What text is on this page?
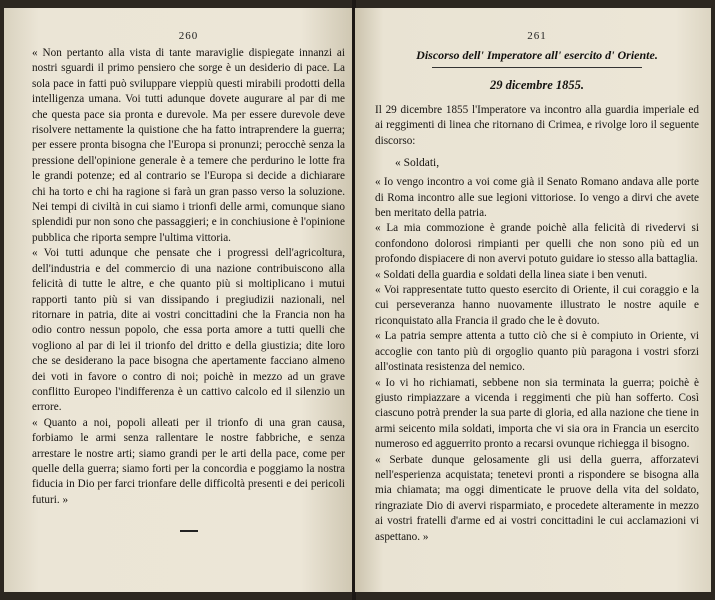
260

« Non pertanto alla vista di tante maraviglie dispiegate innanzi ai nostri sguardi il primo pensiero che sorge è un desiderio di pace. La sola pace in fatti può sviluppare vieppiù questi mirabili prodotti della intelligenza umana. Voi tutti adunque dovete augurare al par di me che questa pace sia pronta e durevole. Ma per essere durevole deve risolvere nettamente la quistione che ha fatto intraprendere la guerra; per essere pronta bisogna che l'Europa si pronunzi; perocchè senza la pressione dell'opinione generale è a temere che perdurino le lotte fra le grandi potenze; ed al contrario se l'Europa si decide a dichiarare chi ha torto e chi ha ragione si farà un gran passo verso la soluzione. Nei tempi di civiltà in cui siamo i trionfi delle armi, comunque siano splendidi pur non sono che passaggieri; e in conchiusione è l'opinione pubblica che riporta sempre l'ultima vittoria.

« Voi tutti adunque che pensate che i progressi dell'agricoltura, dell'industria e del commercio di una nazione contribuiscono alla felicità di tutte le altre, e che quanto più si moltiplicano i mutui rapporti tanto più si van dissipando i pregiudizii nazionali, nel ritornare in patria, dite ai vostri concittadini che la Francia non ha odio contro nessun popolo, che essa porta amore a tutti quelli che vogliono al par di lei il trionfo del dritto e della giustizia; dite loro che se desiderano la pace bisogna che apertamente facciano almeno dei voti in favore o contro di noi; poichè in mezzo ad un grave conflitto Europeo l'indifferenza è un cattivo calcolo ed il silenzio un errore.

« Quanto a noi, popoli alleati per il trionfo di una gran causa, forbiamo le armi senza rallentare le nostre fabbriche, e senza arrestare le nostre arti; siamo grandi per le arti della pace, come per quelle della guerra; siamo forti per la concordia e poggiamo la nostra fiducia in Dio per farci trionfare delle difficoltà presenti e dei pericoli futuri. »

261
Discorso dell' Imperatore all' esercito d' Oriente.
29 dicembre 1855.

Il 29 dicembre 1855 l'Imperatore va incontro alla guardia imperiale ed ai reggimenti di linea che ritornano di Crimea, e rivolge loro il seguente discorso:

« Soldati,

« Io vengo incontro a voi come già il Senato Romano andava alle porte di Roma incontro alle sue legioni vittoriose. Io vengo a dirvi che avete ben meritato della patria.

« La mia commozione è grande poichè alla felicità di rivedervi si confondono dolorosi rimpianti per quelli che non sono più ed un profondo dispiacere di non avervi potuto guidare io stesso alla battaglia.

« Soldati della guardia e soldati della linea siate i ben venuti.

« Voi rappresentate tutto questo esercito di Oriente, il cui coraggio e la cui perseveranza hanno nuovamente illustrato le nostre aquile e riconquistato alla Francia il grado che le è dovuto.

« La patria sempre attenta a tutto ciò che si è compiuto in Oriente, vi accoglie con tanto più di orgoglio quanto più paragona i vostri sforzi all'ostinata resistenza del nemico.

« Io vi ho richiamati, sebbene non sia terminata la guerra; poichè è giusto rimpiazzare a vicenda i reggimenti che più han sofferto. Così ciascuno potrà prender la sua parte di gloria, ed alla nazione che tiene in armi seicento mila soldati, importa che vi sia ora in Francia un esercito numeroso ed agguerrito pronto a recarsi ovunque richiegga il bisogno.

« Serbate dunque gelosamente gli usi della guerra, afforzatevi nell'esperienza acquistata; tenetevi pronti a rispondere se bisogna alla mia chiamata; ma oggi dimenticate le pruove della vita del soldato, ringraziate Dio di avervi risparmiato, e procedete alteramente in mezzo ai vostri fratelli d'arme ed ai vostri concittadini le cui acclamazioni vi aspettano. »
